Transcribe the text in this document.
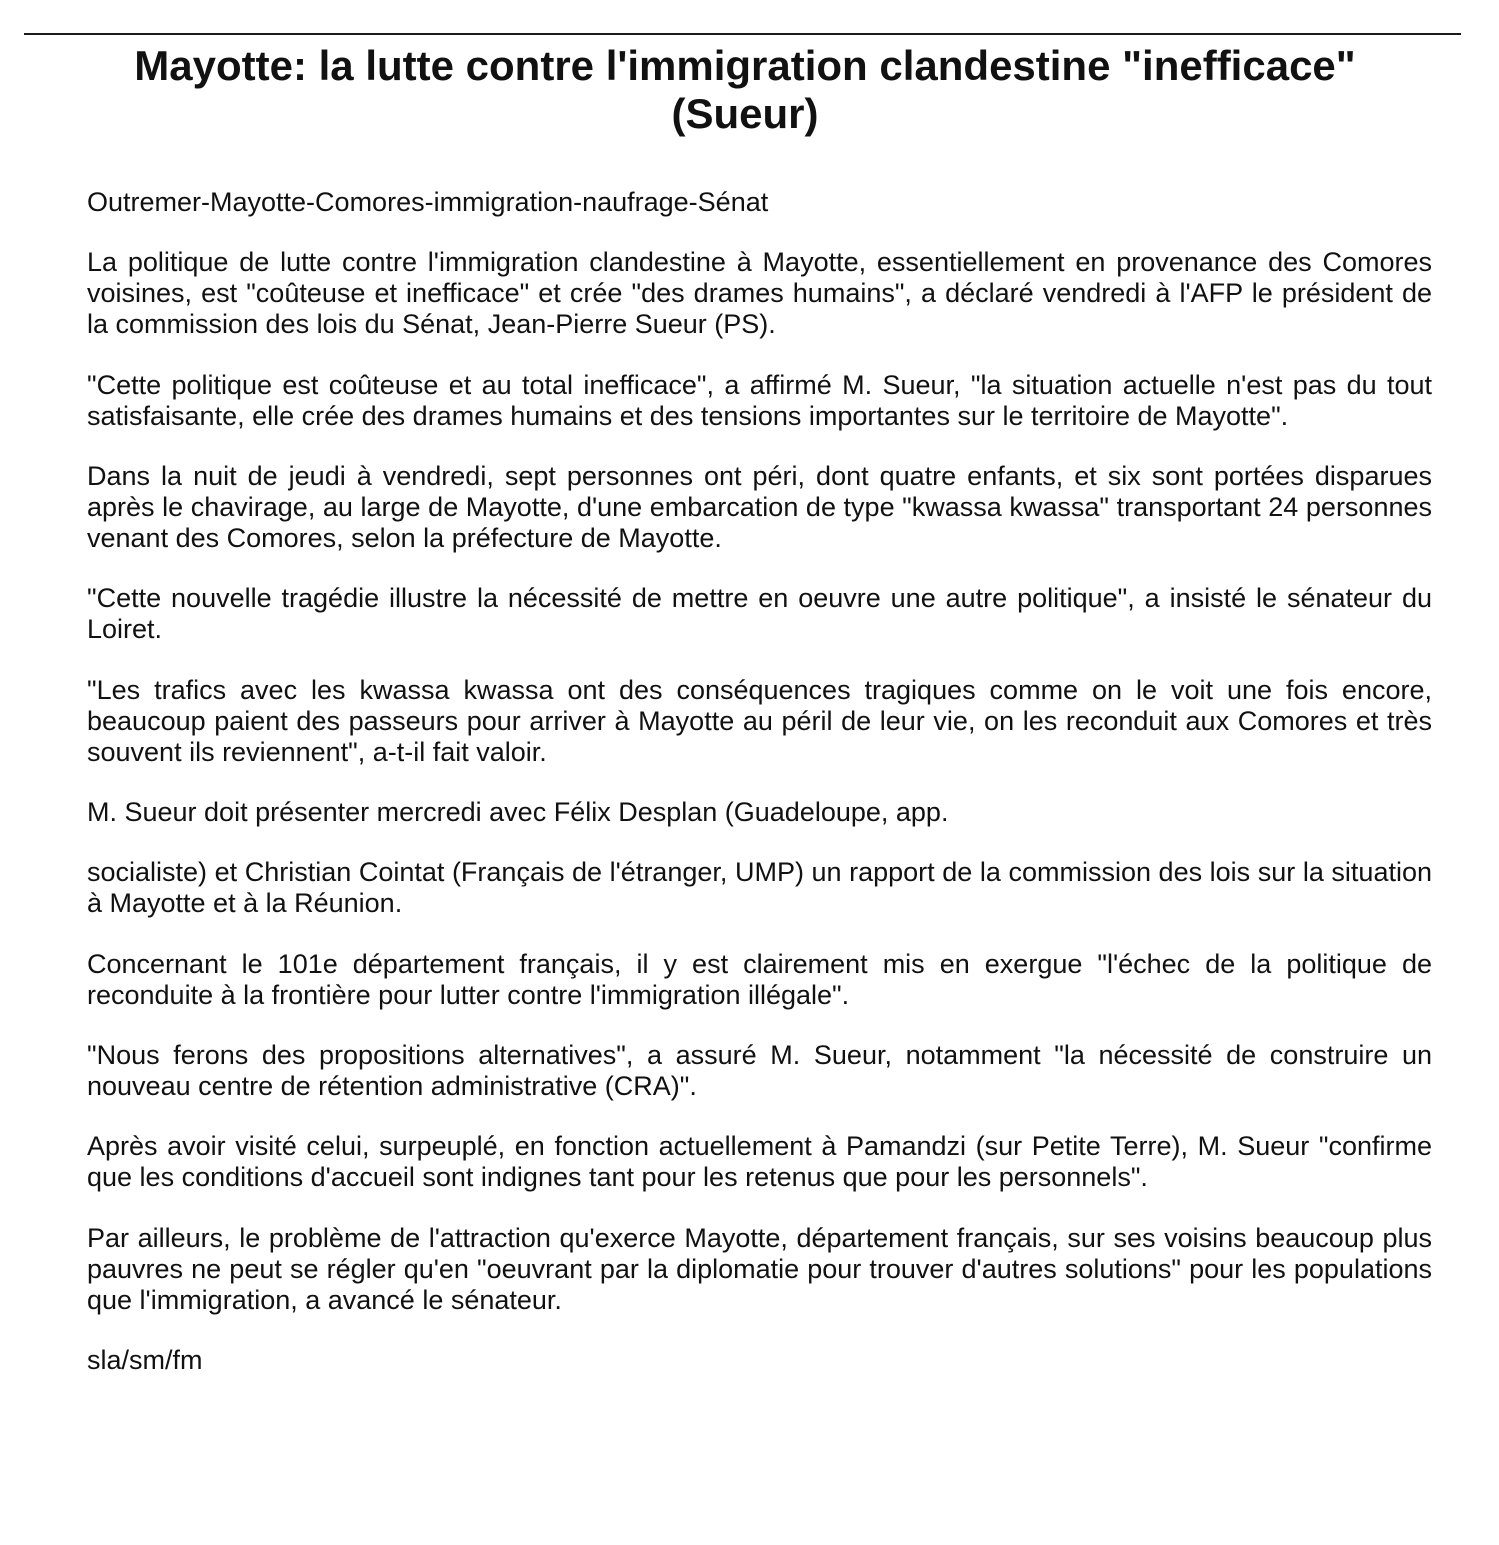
Mayotte: la lutte contre l'immigration clandestine "inefficace" (Sueur)

Outremer-Mayotte-Comores-immigration-naufrage-Sénat

La politique de lutte contre l'immigration clandestine à Mayotte, essentiellement en provenance des Comores voisines, est "coûteuse et inefficace" et crée "des drames humains", a déclaré vendredi à l'AFP le président de la commission des lois du Sénat, Jean-Pierre Sueur (PS).

"Cette politique est coûteuse et au total inefficace", a affirmé M. Sueur, "la situation actuelle n'est pas du tout satisfaisante, elle crée des drames humains et des tensions importantes sur le territoire de Mayotte".

Dans la nuit de jeudi à vendredi, sept personnes ont péri, dont quatre enfants, et six sont portées disparues après le chavirage, au large de Mayotte, d'une embarcation de type "kwassa kwassa" transportant 24 personnes venant des Comores, selon la préfecture de Mayotte.

"Cette nouvelle tragédie illustre la nécessité de mettre en oeuvre une autre politique", a insisté le sénateur du Loiret.

"Les trafics avec les kwassa kwassa ont des conséquences tragiques comme on le voit une fois encore, beaucoup paient des passeurs pour arriver à Mayotte au péril de leur vie, on les reconduit aux Comores et très souvent ils reviennent", a-t-il fait valoir.

M. Sueur doit présenter mercredi avec Félix Desplan (Guadeloupe, app.

socialiste) et Christian Cointat (Français de l'étranger, UMP) un rapport de la commission des lois sur la situation à Mayotte et à la Réunion.

Concernant le 101e département français, il y est clairement mis en exergue "l'échec de la politique de reconduite à la frontière pour lutter contre l'immigration illégale".

"Nous ferons des propositions alternatives", a assuré M. Sueur, notamment "la nécessité de construire un nouveau centre de rétention administrative (CRA)".

Après avoir visité celui, surpeuplé, en fonction actuellement à Pamandzi (sur Petite Terre), M. Sueur "confirme que les conditions d'accueil sont indignes tant pour les retenus que pour les personnels".

Par ailleurs, le problème de l'attraction qu'exerce Mayotte, département français, sur ses voisins beaucoup plus pauvres ne peut se régler qu'en "oeuvrant par la diplomatie pour trouver d'autres solutions" pour les populations que l'immigration, a avancé le sénateur.

sla/sm/fm
